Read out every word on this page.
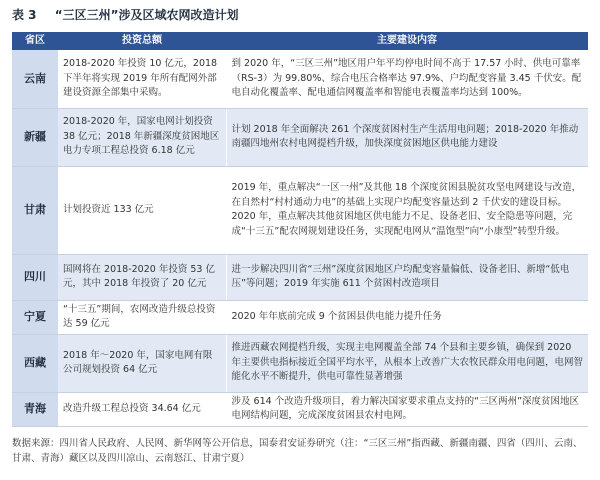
表 3 “三区三州”涉及区域农网改造计划
省区	投资总额	主要建设内容
云南	2018-2020 年投资 10 亿元，2018 下半年将实现 2019 年所有配网外部建设资源全部集中采购。	到 2020 年，“三区三州”地区用户年平均停电时间不高于 17.57 小时、供电可靠率（RS-3）为 99.80%、综合电压合格率达 97.9%、户均配变容量 3.45 千伏安。配电自动化覆盖率、配电通信网覆盖率和智能电表覆盖率均达到 100%。
新疆	2018-2020 年，国家电网计划投资 38 亿元；2018 年新疆深度贫困地区电力专项工程总投资 6.18 亿元	计划 2018 年全面解决 261 个深度贫困村生产生活用电问题；2018-2020 年推动南疆四地州农村电网提档升级，加快深度贫困地区供电能力建设
甘肃	计划投资近 133 亿元	2019 年，重点解决“一区一州”及其他 18 个深度贫困县脱贫攻坚电网建设与改造，在自然村“村村通动力电”的基础上实现户均配变容量达到 2 千伏安的建设目标。2020 年，重点解决其他贫困地区供电能力不足、设备老旧、安全隐患等问题，完成“十三五”配农网规划建设任务，实现配电网从“温饱型”向“小康型”转型升级。
四川	国网将在 2018-2020 年投资 53 亿元，其中 2018 年投资了 20 亿元	进一步解决四川省“三州”深度贫困地区户均配变容量偏低、设备老旧、新增“低电压”等问题；2019 年实施 611 个贫困村改造项目
宁夏	“十三五”期间，农网改造升级总投资达 59 亿元	2020 年年底前完成 9 个贫困县供电能力提升任务
西藏	2018 年～2020 年，国家电网有限公司规划投资 64 亿元	推进西藏农网提档升级，实现主电网覆盖全部 74 个县和主要乡镇，确保到 2020 年主要供电指标接近全国平均水平，从根本上改善广大农牧民群众用电问题，电网智能化水平不断提升，供电可靠性显著增强
青海	改造升级工程总投资 34.64 亿元	涉及 614 个改造升级项目，着力解决国家要求重点支持的“三区两州”深度贫困地区电网结构问题，完成深度贫困县农村电网。
数据来源：四川省人民政府、人民网、新华网等公开信息，国泰君安证券研究（注：“三区三州”指西藏、新疆南疆、四省（四川、云南、甘肃、青海）藏区以及四川凉山、云南怒江、甘肃宁夏）
